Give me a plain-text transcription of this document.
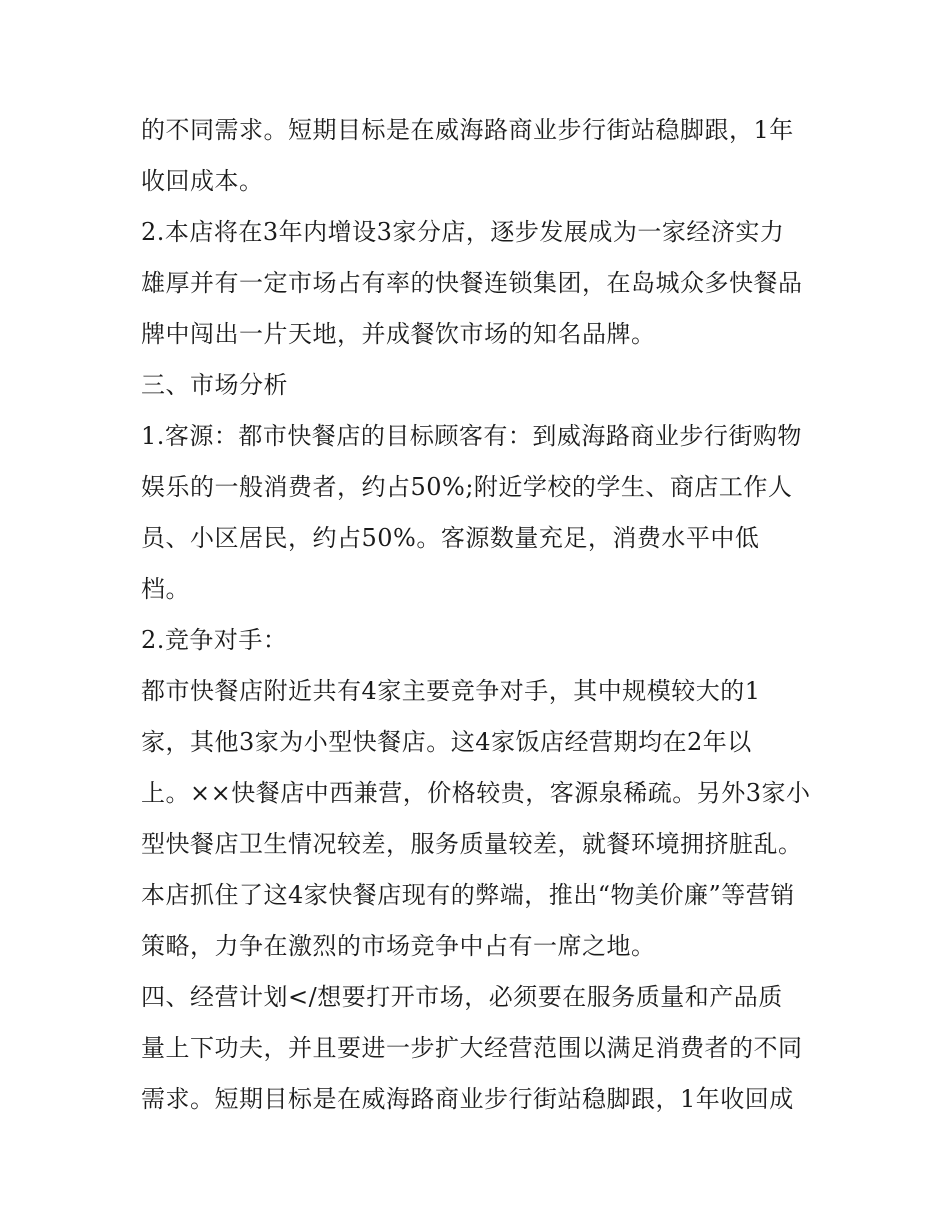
的不同需求。短期目标是在威海路商业步行街站稳脚跟，1年
收回成本。
2.本店将在3年内增设3家分店，逐步发展成为一家经济实力
雄厚并有一定市场占有率的快餐连锁集团，在岛城众多快餐品
牌中闯出一片天地，并成餐饮市场的知名品牌。
三、市场分析
1.客源：都市快餐店的目标顾客有：到威海路商业步行街购物
娱乐的一般消费者，约占50%;附近学校的学生、商店工作人
员、小区居民，约占50%。客源数量充足，消费水平中低
档。
2.竞争对手：
都市快餐店附近共有4家主要竞争对手，其中规模较大的1
家，其他3家为小型快餐店。这4家饭店经营期均在2年以
上。××快餐店中西兼营，价格较贵，客源泉稀疏。另外3家小
型快餐店卫生情况较差，服务质量较差，就餐环境拥挤脏乱。
本店抓住了这4家快餐店现有的弊端，推出“物美价廉”等营销
策略，力争在激烈的市场竞争中占有一席之地。
四、经营计划</想要打开市场，必须要在服务质量和产品质
量上下功夫，并且要进一步扩大经营范围以满足消费者的不同
需求。短期目标是在威海路商业步行街站稳脚跟，1年收回成
